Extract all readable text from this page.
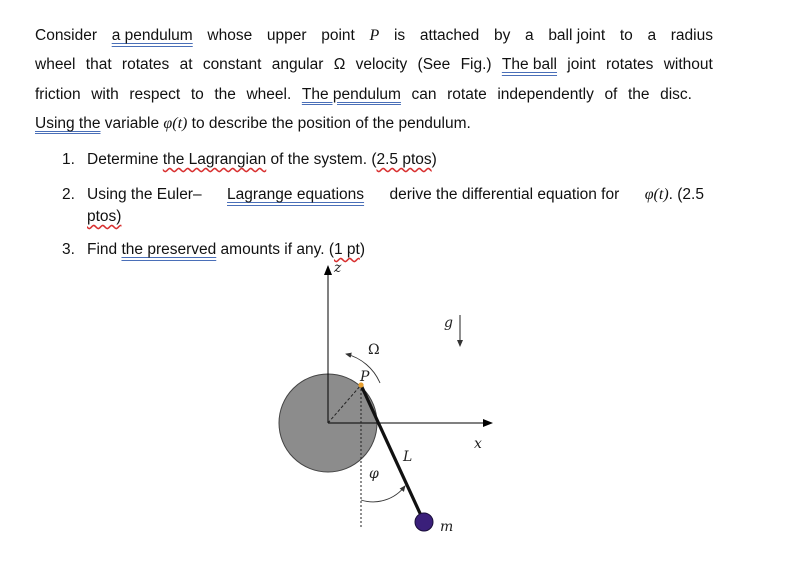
Consider a pendulum whose upper point P is attached by a ball joint to a radius
wheel that rotates at constant angular Ω velocity (See Fig.) The ball joint rotates without
friction with respect to the wheel. The pendulum can rotate independently of the disc.
Using the variable φ(t) to describe the position of the pendulum.
1. Determine the Lagrangian of the system. (2.5 ptos)
2. Using the Euler– Lagrange equations derive the differential equation for φ(t). (2.5
ptos)
3. Find the preserved amounts if any. (1 pt)
z
x
g
Ω
P
L
φ
m
